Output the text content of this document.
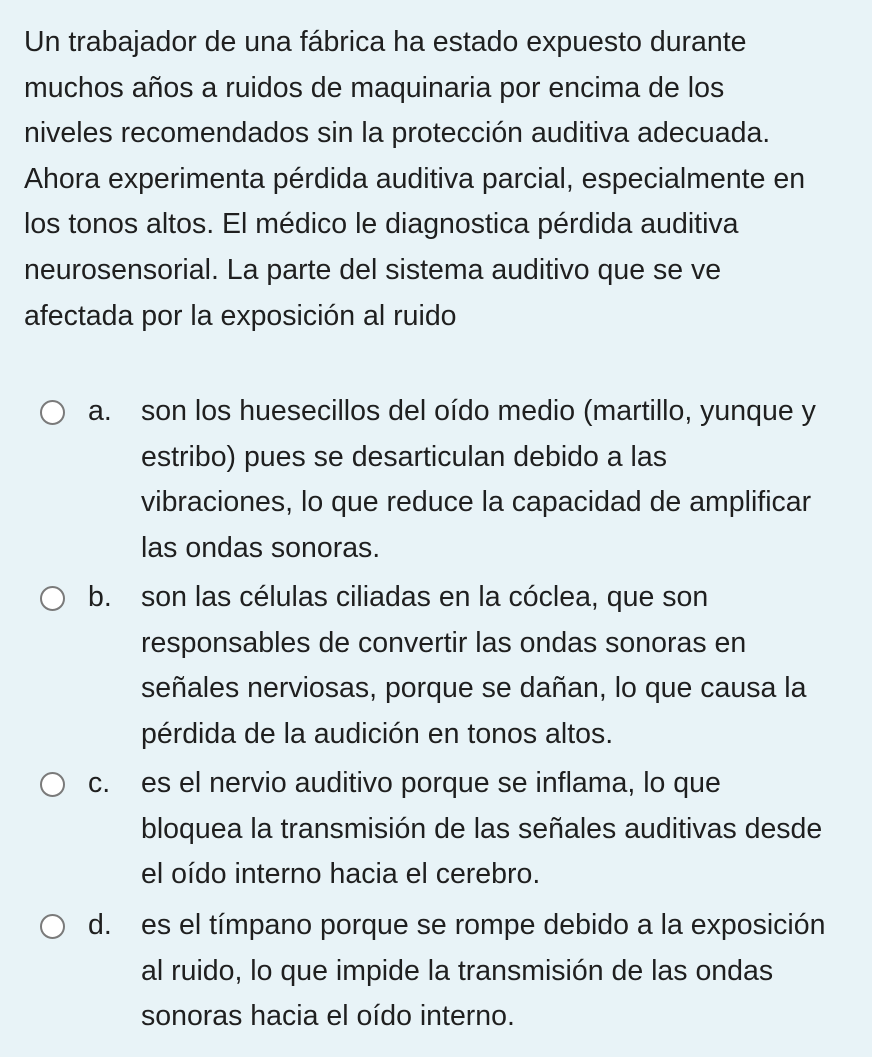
Un trabajador de una fábrica ha estado expuesto durante
muchos años a ruidos de maquinaria por encima de los
niveles recomendados sin la protección auditiva adecuada.
Ahora experimenta pérdida auditiva parcial, especialmente en
los tonos altos. El médico le diagnostica pérdida auditiva
neurosensorial. La parte del sistema auditivo que se ve
afectada por la exposición al ruido

a. son los huesecillos del oído medio (martillo, yunque y
estribo) pues se desarticulan debido a las
vibraciones, lo que reduce la capacidad de amplificar
las ondas sonoras.
b. son las células ciliadas en la cóclea, que son
responsables de convertir las ondas sonoras en
señales nerviosas, porque se dañan, lo que causa la
pérdida de la audición en tonos altos.
c. es el nervio auditivo porque se inflama, lo que
bloquea la transmisión de las señales auditivas desde
el oído interno hacia el cerebro.
d. es el tímpano porque se rompe debido a la exposición
al ruido, lo que impide la transmisión de las ondas
sonoras hacia el oído interno.
